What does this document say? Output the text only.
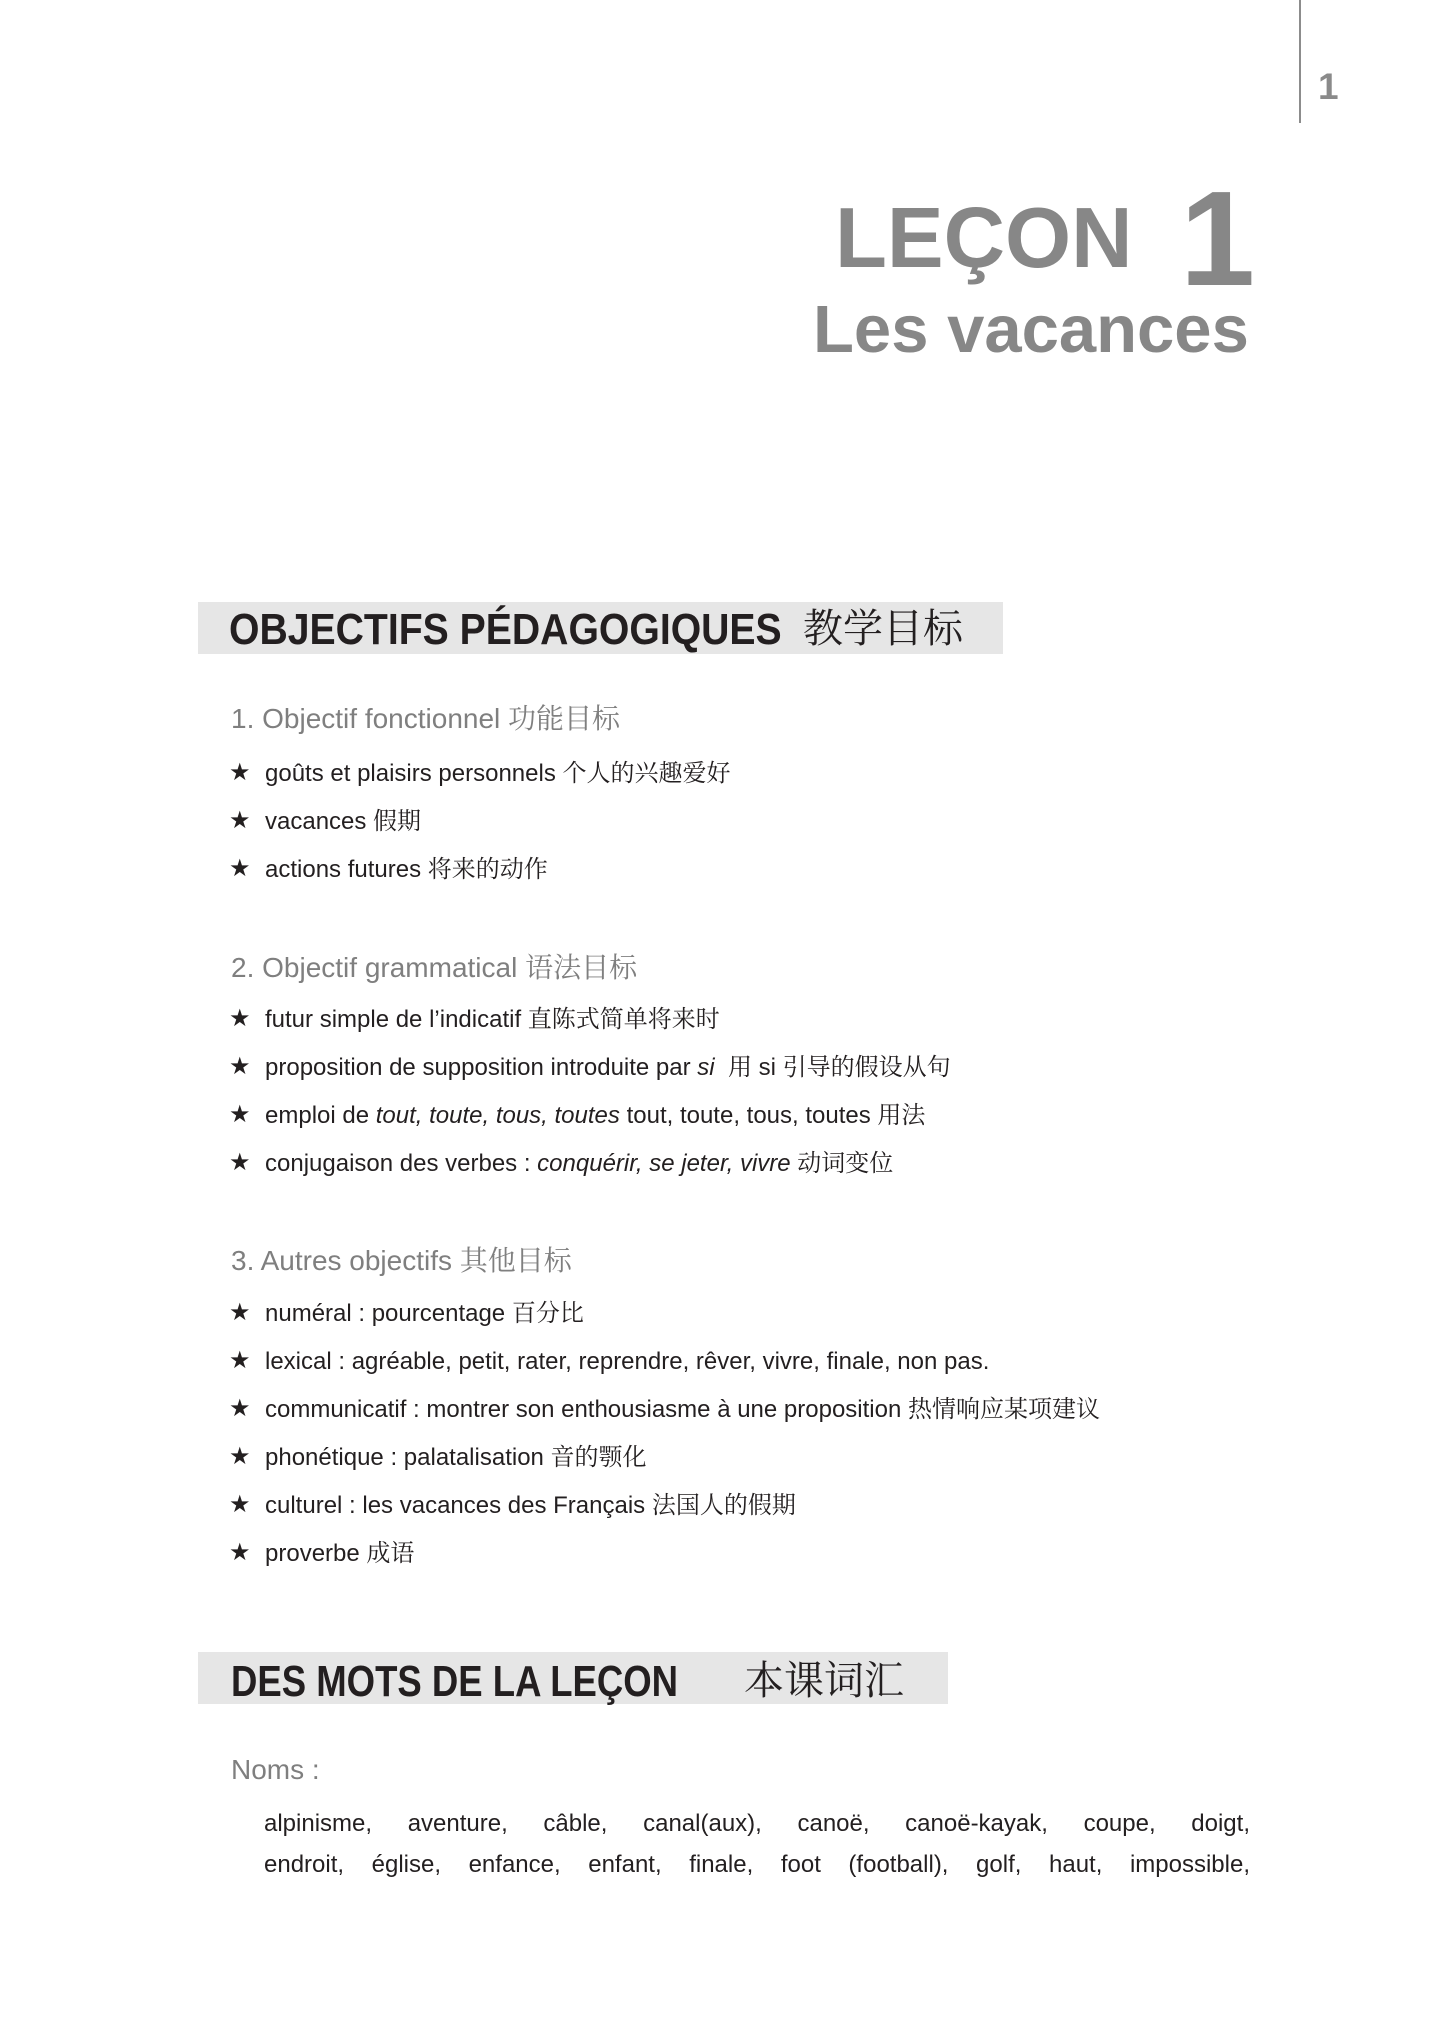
1
LEÇON 1
Les vacances
OBJECTIFS PÉDAGOGIQUES 教学目标
1. Objectif fonctionnel 功能目标
★ goûts et plaisirs personnels 个人的兴趣爱好
★ vacances 假期
★ actions futures 将来的动作
2. Objectif grammatical 语法目标
★ futur simple de l’indicatif 直陈式简单将来时
★ proposition de supposition introduite par si  用 si 引导的假设从句
★ emploi de tout, toute, tous, toutes tout, toute, tous, toutes 用法
★ conjugaison des verbes : conquérir, se jeter, vivre 动词变位
3. Autres objectifs 其他目标
★ numéral : pourcentage 百分比
★ lexical : agréable, petit, rater, reprendre, rêver, vivre, finale, non pas.
★ communicatif : montrer son enthousiasme à une proposition 热情响应某项建议
★ phonétique : palatalisation 音的颚化
★ culturel : les vacances des Français 法国人的假期
★ proverbe 成语
DES MOTS DE LA LEÇON 本课词汇
Noms :
alpinisme, aventure, câble, canal(aux), canoë, canoë-kayak, coupe, doigt,
endroit, église, enfance, enfant, finale, foot (football), golf, haut, impossible,
